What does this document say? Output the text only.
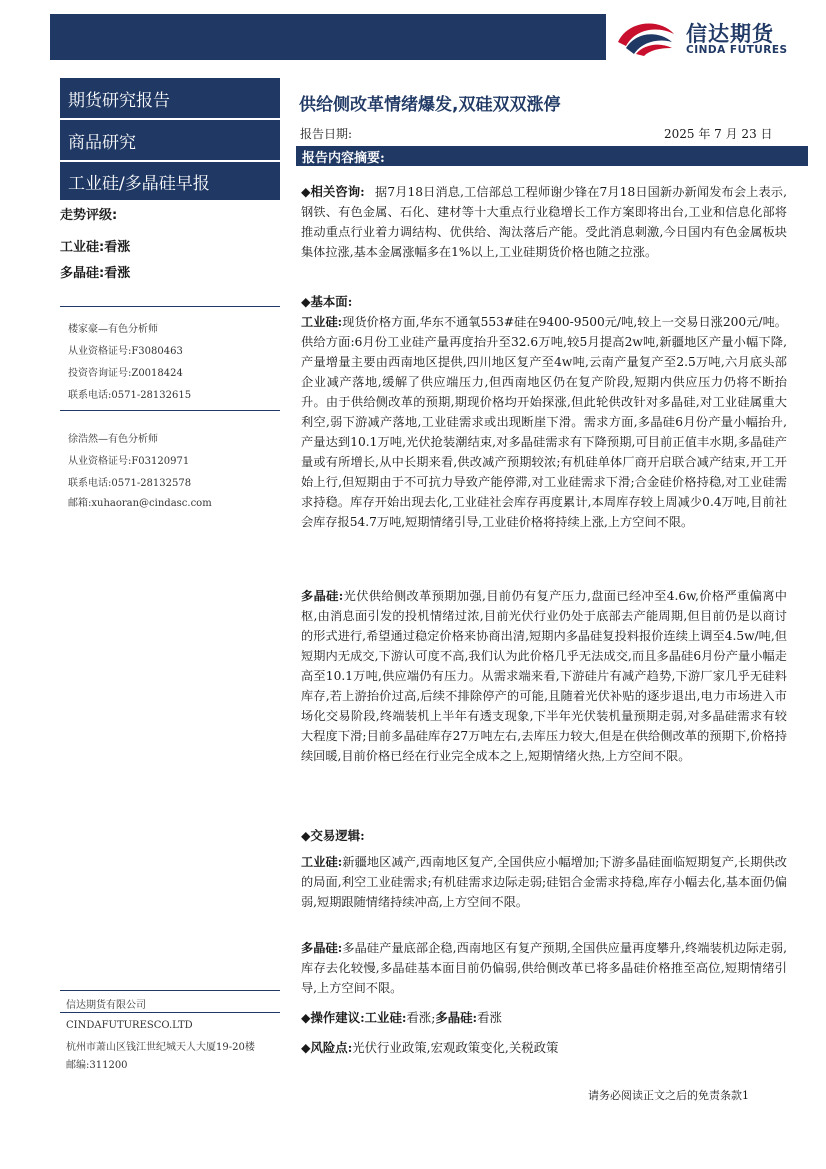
信达期货
CINDA FUTURES
期货研究报告
商品研究
工业硅/多晶硅早报
走势评级:
工业硅:看涨
多晶硅:看涨
楼家豪—有色分析师
从业资格证号:F3080463
投资咨询证号:Z0018424
联系电话:0571-28132615
徐浩然—有色分析师
从业资格证号:F03120971
联系电话:0571-28132578
邮箱:xuhaoran@cindasc.com
信达期货有限公司
CINDAFUTURESCO.LTD
杭州市萧山区钱江世纪城天人大厦19-20楼
邮编:311200
供给侧改革情绪爆发,双硅双双涨停
报告日期:	2025 年 7 月 23 日
报告内容摘要:
◆相关咨询: 据7月18日消息,工信部总工程师谢少锋在7月18日国新办新闻发布会上表示,钢铁、有色金属、石化、建材等十大重点行业稳增长工作方案即将出台,工业和信息化部将推动重点行业着力调结构、优供给、淘汰落后产能。受此消息刺激,今日国内有色金属板块集体拉涨,基本金属涨幅多在1%以上,工业硅期货价格也随之拉涨。
◆基本面:
工业硅:现货价格方面,华东不通氧553#硅在9400-9500元/吨,较上一交易日涨200元/吨。供给方面:6月份工业硅产量再度抬升至32.6万吨,较5月提高2w吨,新疆地区产量小幅下降,产量增量主要由西南地区提供,四川地区复产至4w吨,云南产量复产至2.5万吨,六月底头部企业减产落地,缓解了供应端压力,但西南地区仍在复产阶段,短期内供应压力仍将不断抬升。由于供给侧改革的预期,期现价格均开始探涨,但此轮供改针对多晶硅,对工业硅属重大利空,弱下游减产落地,工业硅需求或出现断崖下滑。需求方面,多晶硅6月份产量小幅抬升,产量达到10.1万吨,光伏抢装潮结束,对多晶硅需求有下降预期,可目前正值丰水期,多晶硅产量或有所增长,从中长期来看,供改减产预期较浓;有机硅单体厂商开启联合减产结束,开工开始上行,但短期由于不可抗力导致产能停滞,对工业硅需求下滑;合金硅价格持稳,对工业硅需求持稳。库存开始出现去化,工业硅社会库存再度累计,本周库存较上周减少0.4万吨,目前社会库存报54.7万吨,短期情绪引导,工业硅价格将持续上涨,上方空间不限。
多晶硅:光伏供给侧改革预期加强,目前仍有复产压力,盘面已经冲至4.6w,价格严重偏离中枢,由消息面引发的投机情绪过浓,目前光伏行业仍处于底部去产能周期,但目前仍是以商讨的形式进行,希望通过稳定价格来协商出清,短期内多晶硅复投料报价连续上调至4.5w/吨,但短期内无成交,下游认可度不高,我们认为此价格几乎无法成交,而且多晶硅6月份产量小幅走高至10.1万吨,供应端仍有压力。从需求端来看,下游硅片有减产趋势,下游厂家几乎无硅料库存,若上游抬价过高,后续不排除停产的可能,且随着光伏补贴的逐步退出,电力市场进入市场化交易阶段,终端装机上半年有透支现象,下半年光伏装机量预期走弱,对多晶硅需求有较大程度下滑;目前多晶硅库存27万吨左右,去库压力较大,但是在供给侧改革的预期下,价格持续回暖,目前价格已经在行业完全成本之上,短期情绪火热,上方空间不限。
◆交易逻辑:
工业硅:新疆地区减产,西南地区复产,全国供应小幅增加;下游多晶硅面临短期复产,长期供改的局面,利空工业硅需求;有机硅需求边际走弱;硅铝合金需求持稳,库存小幅去化,基本面仍偏弱,短期跟随情绪持续冲高,上方空间不限。
多晶硅:多晶硅产量底部企稳,西南地区有复产预期,全国供应量再度攀升,终端装机边际走弱,库存去化较慢,多晶硅基本面目前仍偏弱,供给侧改革已将多晶硅价格推至高位,短期情绪引导,上方空间不限。
◆操作建议:工业硅:看涨;多晶硅:看涨
◆风险点:光伏行业政策,宏观政策变化,关税政策
请务必阅读正文之后的免责条款1
